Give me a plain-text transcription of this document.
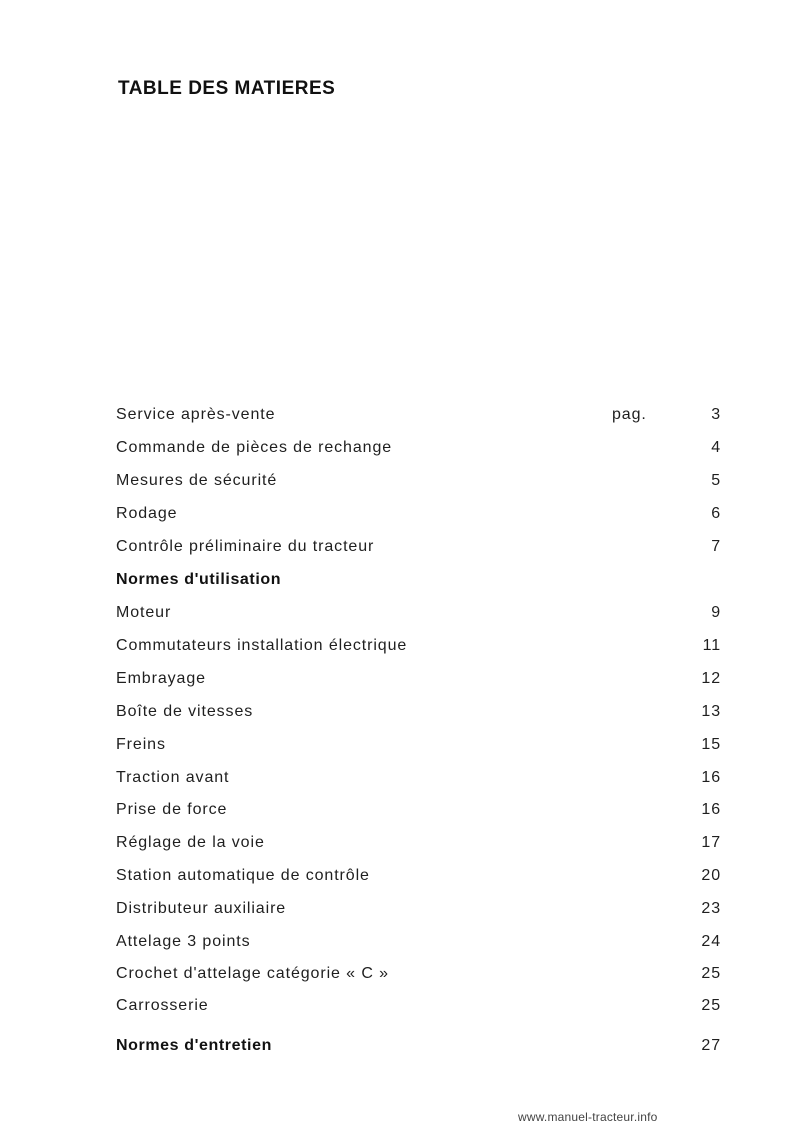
TABLE DES MATIERES
Service après-vente	pag.	3
Commande de pièces de rechange	4
Mesures de sécurité	5
Rodage	6
Contrôle préliminaire du tracteur	7
Normes d'utilisation
Moteur	9
Commutateurs installation électrique	11
Embrayage	12
Boîte de vitesses	13
Freins	15
Traction avant	16
Prise de force	16
Réglage de la voie	17
Station automatique de contrôle	20
Distributeur auxiliaire	23
Attelage 3 points	24
Crochet d'attelage catégorie « C »	25
Carrosserie	25
Normes d'entretien	27
www.manuel-tracteur.info
